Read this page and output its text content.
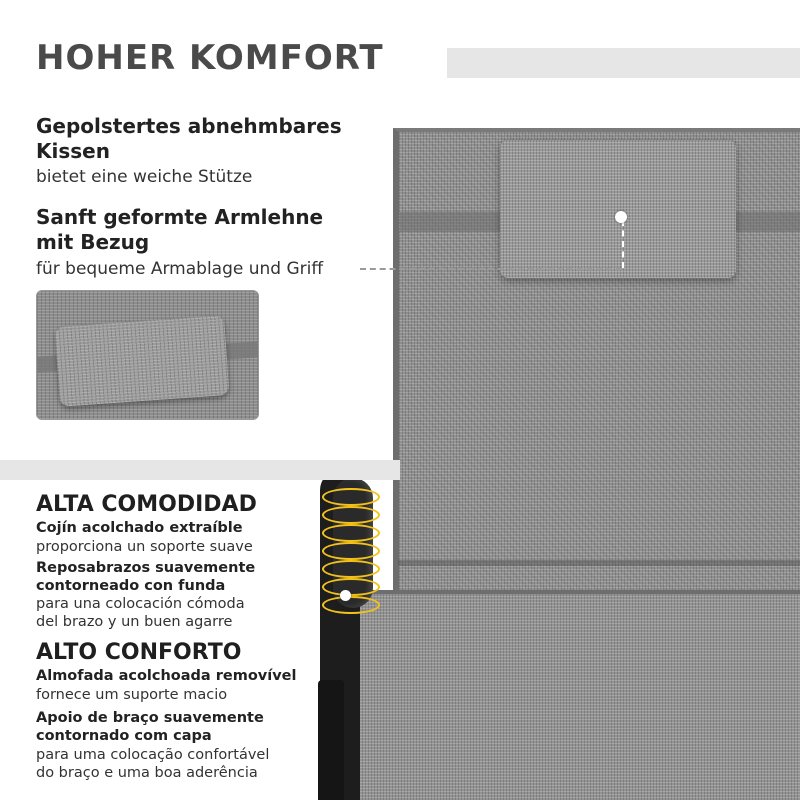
HOHER KOMFORT

Gepolstertes abnehmbares

Kissen

bietet eine weiche Stütze

Sanft geformte Armlehne

mit Bezug

für bequeme Armablage und Griff

ALTA COMODIDAD

Cojín acolchado extraíble

proporciona un soporte suave

Reposabrazos suavemente

contorneado con funda

para una colocación cómoda

del brazo y un buen agarre

ALTO CONFORTO

Almofada acolchoada removível

fornece um suporte macio

Apoio de braço suavemente

contornado com capa

para uma colocação confortável

do braço e uma boa aderência
